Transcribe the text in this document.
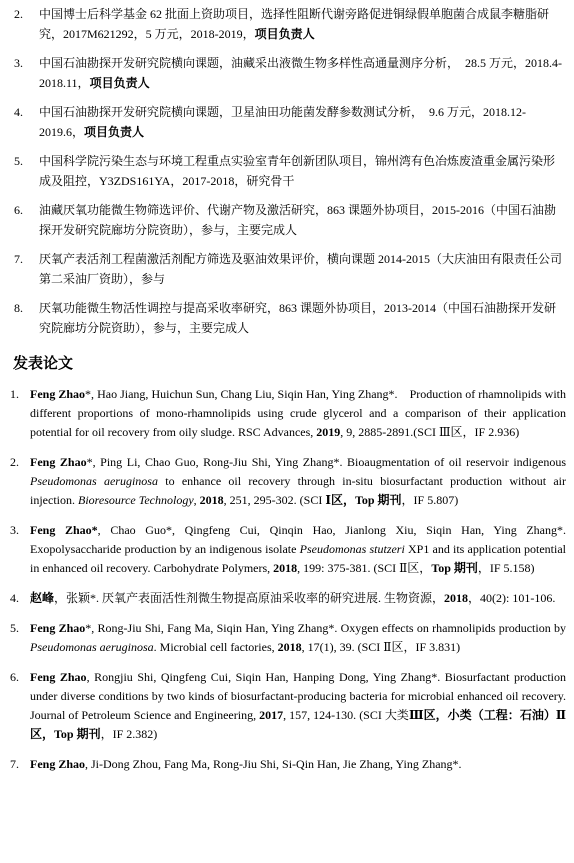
2.	中国博士后科学基金 62 批面上资助项目，选择性阻断代谢旁路促进铜绿假单胞菌合成鼠李糖脂研究，2017M621292，5 万元，2018-2019，项目负责人
3.	中国石油勘探开发研究院横向课题，油藏采出液微生物多样性高通量测序分析，　28.5 万元，2018.4-2018.11，项目负责人
4.	中国石油勘探开发研究院横向课题，卫星油田功能菌发酵参数测试分析，　9.6 万元，2018.12-2019.6，项目负责人
5.	中国科学院污染生态与环境工程重点实验室青年创新团队项目，锦州湾有色冶炼废渣重金属污染形成及阻控，Y3ZDS161YA，2017-2018，研究骨干
6.	油藏厌氧功能微生物筛选评价、代谢产物及激活研究，863 课题外协项目，2015-2016（中国石油勘探开发研究院廊坊分院资助），参与，主要完成人
7.	厌氧产表活剂工程菌激活剂配方筛选及驱油效果评价，横向课题 2014-2015（大庆油田有限责任公司第二采油厂资助），参与
8.	厌氧功能微生物活性调控与提高采收率研究，863 课题外协项目，2013-2014（中国石油勘探开发研究院廊坊分院资助），参与，主要完成人
发表论文
1. Feng Zhao*, Hao Jiang, Huichun Sun, Chang Liu, Siqin Han, Ying Zhang*.　Production of rhamnolipids with different proportions of mono-rhamnolipids using crude glycerol and a comparison of their application potential for oil recovery from oily sludge. RSC Advances, 2019, 9, 2885-2891.(SCI Ⅲ区，IF 2.936)
2. Feng Zhao*, Ping Li, Chao Guo, Rong-Jiu Shi, Ying Zhang*. Bioaugmentation of oil reservoir indigenous Pseudomonas aeruginosa to enhance oil recovery through in-situ biosurfactant production without air injection. Bioresource Technology, 2018, 251, 295-302. (SCI Ⅰ区，Top 期刊，IF 5.807)
3. Feng Zhao*, Chao Guo*, Qingfeng Cui, Qinqin Hao, Jianlong Xiu, Siqin Han, Ying Zhang*. Exopolysaccharide production by an indigenous isolate Pseudomonas stutzeri XP1 and its application potential in enhanced oil recovery. Carbohydrate Polymers, 2018, 199: 375-381. (SCI Ⅱ区，Top 期刊，IF 5.158)
4. 赵峰，张颖*. 厌氧产表面活性剂微生物提高原油采收率的研究进展. 生物资源，2018，40(2): 101-106.
5. Feng Zhao*, Rong-Jiu Shi, Fang Ma, Siqin Han, Ying Zhang*. Oxygen effects on rhamnolipids production by Pseudomonas aeruginosa. Microbial cell factories, 2018, 17(1), 39. (SCI Ⅱ区，IF 3.831)
6. Feng Zhao, Rongjiu Shi, Qingfeng Cui, Siqin Han, Hanping Dong, Ying Zhang*. Biosurfactant production under diverse conditions by two kinds of biosurfactant-producing bacteria for microbial enhanced oil recovery. Journal of Petroleum Science and Engineering, 2017, 157, 124-130. (SCI 大类Ⅲ区，小类（工程：石油）Ⅱ区，Top 期刊，IF 2.382)
7. Feng Zhao, Ji-Dong Zhou, Fang Ma, Rong-Jiu Shi, Si-Qin Han, Jie Zhang, Ying Zhang*.
